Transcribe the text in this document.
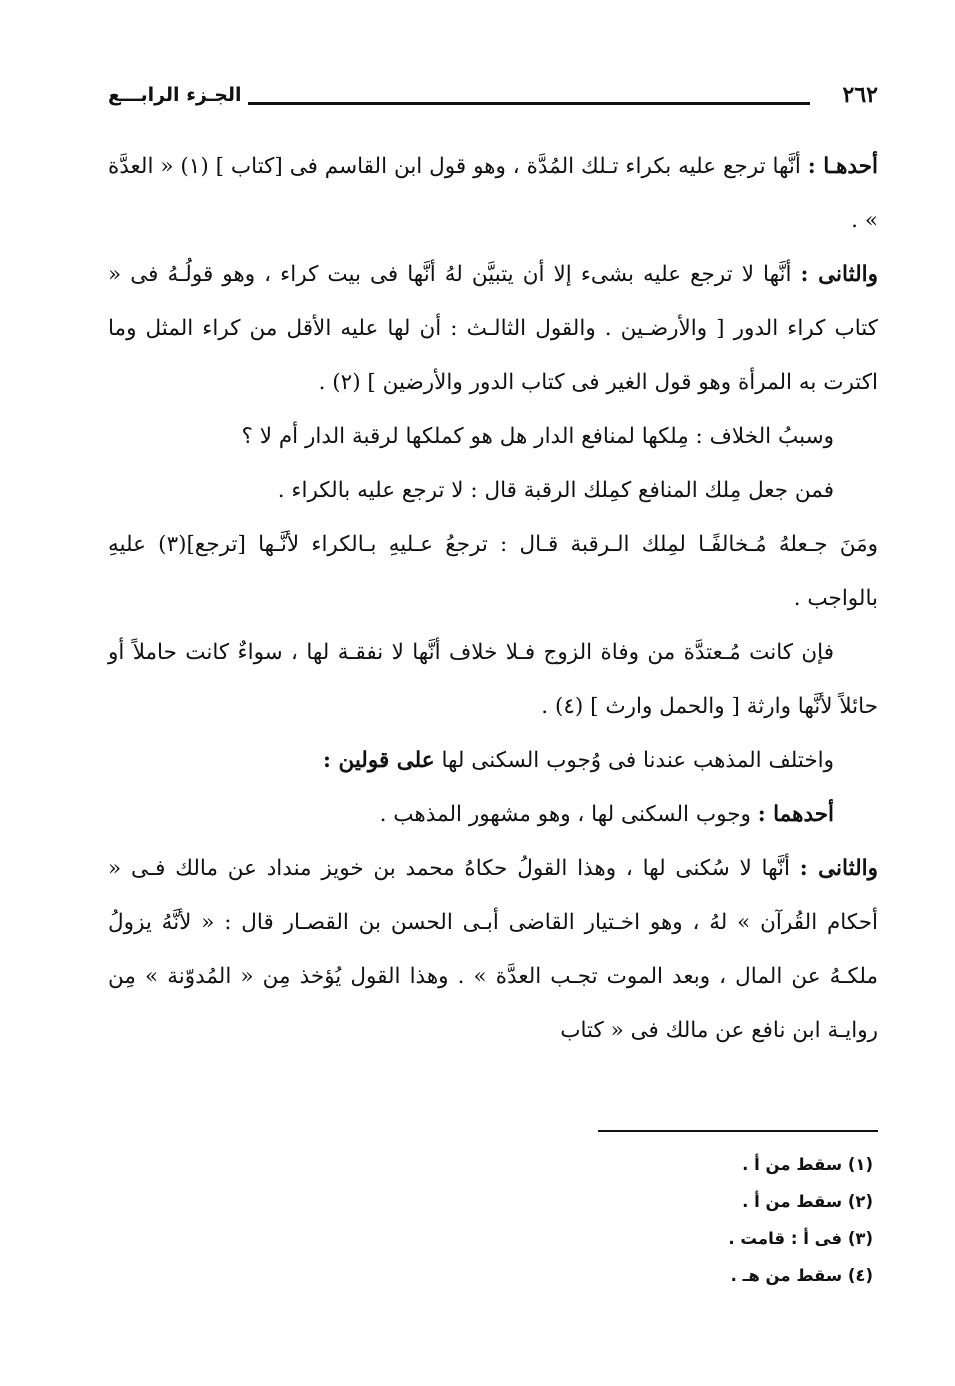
٢٦٢
الجـزء الرابـــع

أحدهـا : أنَّها ترجع عليه بكراء تـلك المُدَّة ، وهو قول ابن القاسم فى [كتاب ] (١) « العدَّة » .

والثانى : أنَّها لا ترجع عليه بشىء إلا أن يتبيَّن لهُ أنَّها فى بيت كراء ، وهو قولُـهُ فى « كتاب كراء الدور [ والأرضـين . والقول الثالـث : أن لها عليه الأقل من كراء المثل وما اكترت به المرأة وهو قول الغير فى كتاب الدور والأرضين ] (٢) .

وسببُ الخلاف : مِلكها لمنافع الدار هل هو كملكها لرقبة الدار أم لا ؟

فمن جعل مِلك المنافع كمِلك الرقبة قال : لا ترجع عليه بالكراء .

ومَنَ جـعلهُ مُـخالفًـا لمِلك الـرقبة قـال : ترجعُ عـليهِ بـالكراء لأنَّـها [ترجع](٣) عليهِ بالواجب .

فإن كانت مُـعتدَّة من وفاة الزوج فـلا خلاف أنَّها لا نفقـة لها ، سواءٌ كانت حاملاً أو حائلاً لأنَّها وارثة [ والحمل وارث ] (٤) .

واختلف المذهب عندنا فى وُجوب السكنى لها على قولين :

أحدهما : وجوب السكنى لها ، وهو مشهور المذهب .

والثانى : أنَّها لا سُكنى لها ، وهذا القولُ حكاهُ محمد بن خويز منداد عن مالك فـى « أحكام القُرآن » لهُ ، وهو اخـتيار القاضى أبـى الحسن بن القصـار قال : « لأنَّهُ يزولُ ملكـهُ عن المال ، وبعد الموت تجـب العدَّة » . وهذا القول يُؤخذ مِن « المُدوّنة » مِن روايـة ابن نافع عن مالك فى « كتاب

(١) سقط من أ .
(٢) سقط من أ .
(٣) فى أ : قامت .
(٤) سقط من هـ .
